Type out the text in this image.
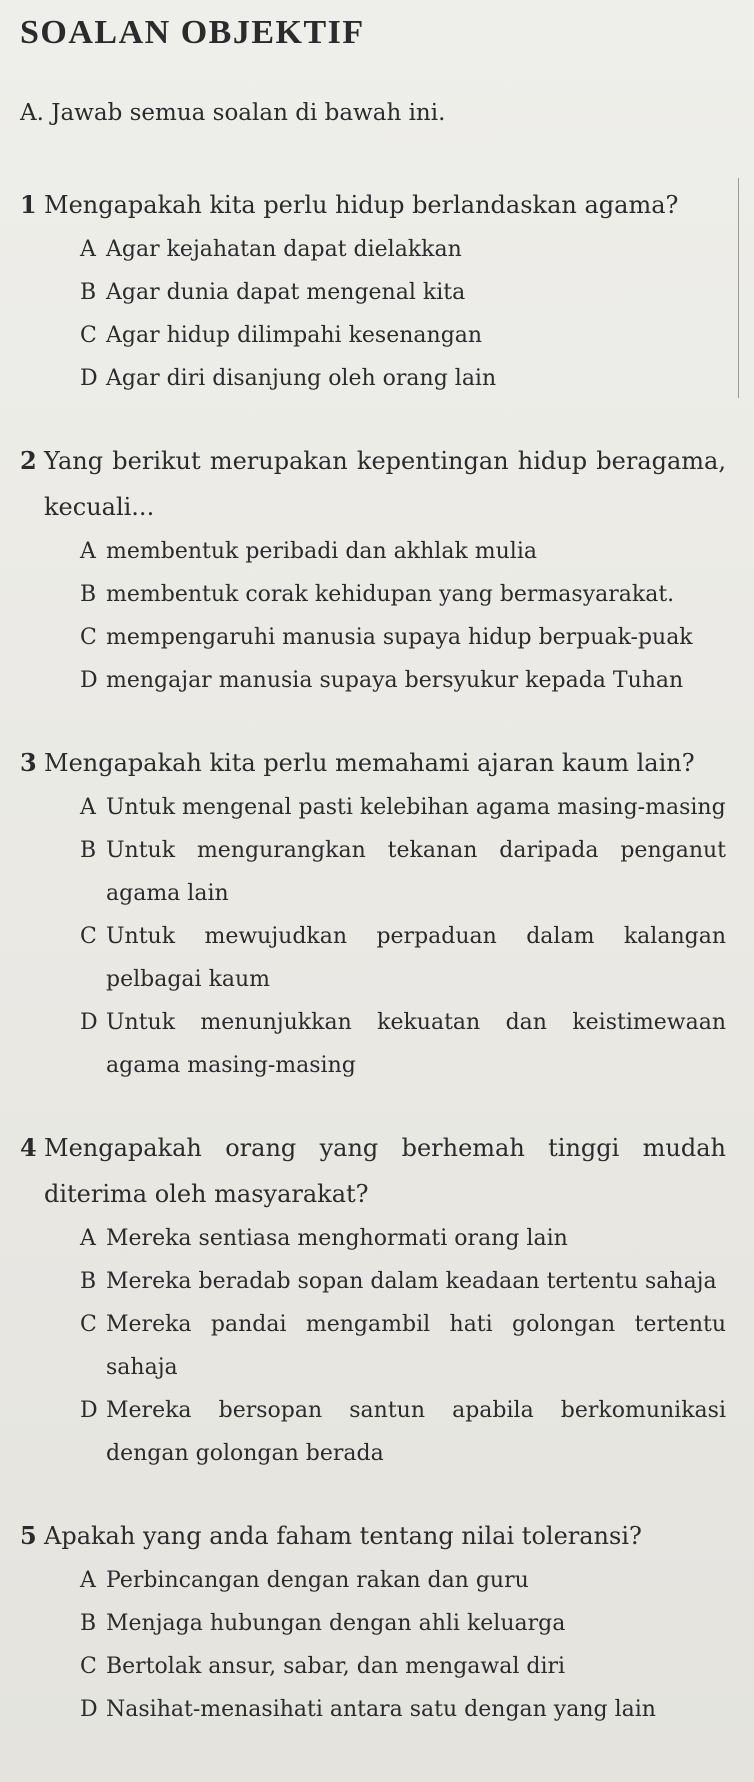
SOALAN OBJEKTIF
A. Jawab semua soalan di bawah ini.
1 Mengapakah kita perlu hidup berlandaskan agama?
A Agar kejahatan dapat dielakkan
B Agar dunia dapat mengenal kita
C Agar hidup dilimpahi kesenangan
D Agar diri disanjung oleh orang lain
2 Yang berikut merupakan kepentingan hidup beragama, kecuali...
A membentuk peribadi dan akhlak mulia
B membentuk corak kehidupan yang bermasyarakat.
C mempengaruhi manusia supaya hidup berpuak-puak
D mengajar manusia supaya bersyukur kepada Tuhan
3 Mengapakah kita perlu memahami ajaran kaum lain?
A Untuk mengenal pasti kelebihan agama masing-masing
B Untuk mengurangkan tekanan daripada penganut agama lain
C Untuk mewujudkan perpaduan dalam kalangan pelbagai kaum
D Untuk menunjukkan kekuatan dan keistimewaan agama masing-masing
4 Mengapakah orang yang berhemah tinggi mudah diterima oleh masyarakat?
A Mereka sentiasa menghormati orang lain
B Mereka beradab sopan dalam keadaan tertentu sahaja
C Mereka pandai mengambil hati golongan tertentu sahaja
D Mereka bersopan santun apabila berkomunikasi dengan golongan berada
5 Apakah yang anda faham tentang nilai toleransi?
A Perbincangan dengan rakan dan guru
B Menjaga hubungan dengan ahli keluarga
C Bertolak ansur, sabar, dan mengawal diri
D Nasihat-menasihati antara satu dengan yang lain
